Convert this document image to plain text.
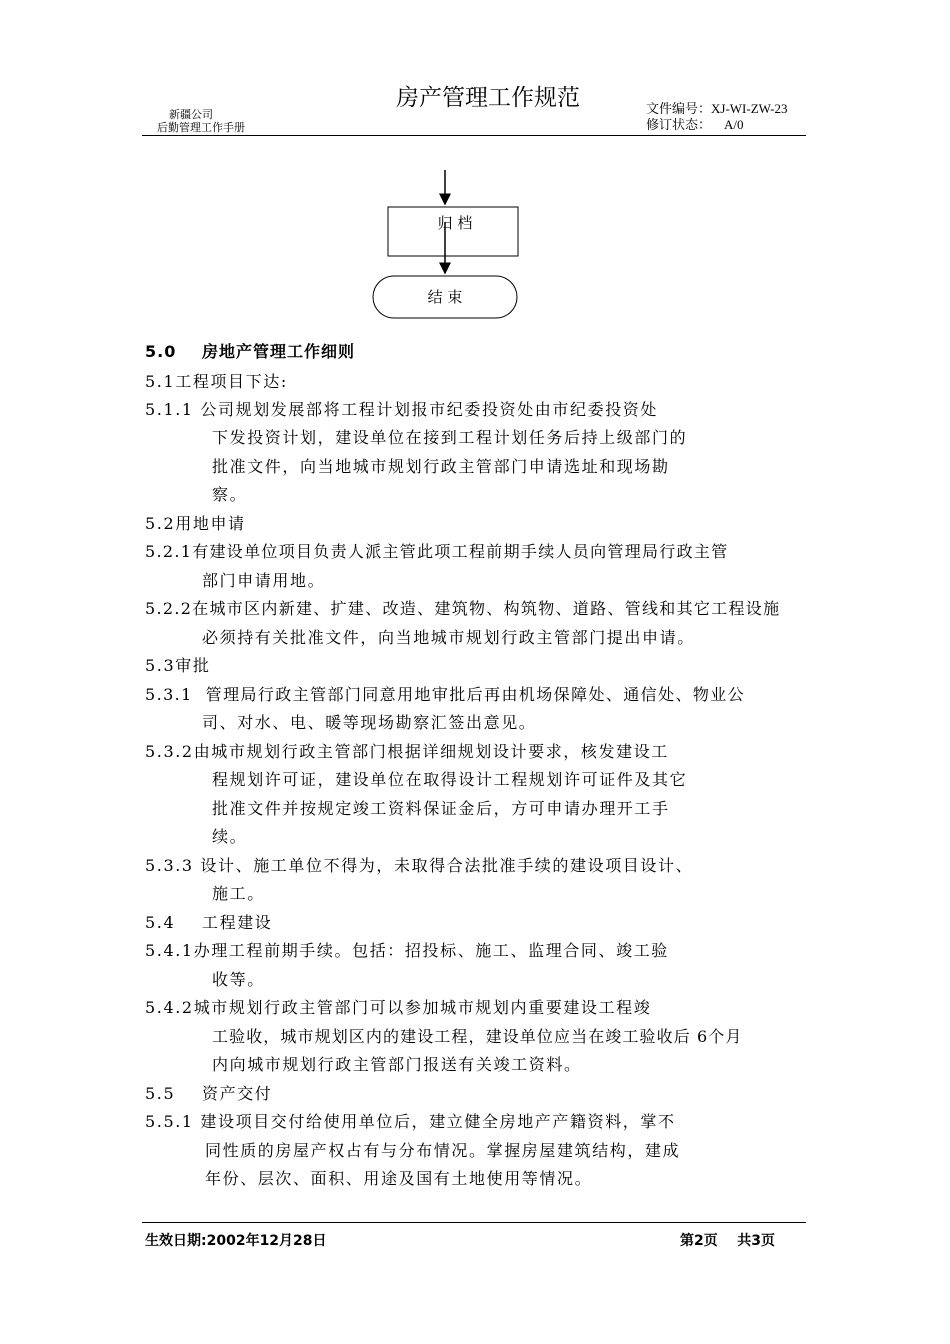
新疆公司
后勤管理工作手册
房产管理工作规范	文件编号：XJ-WI-ZW-23
修订状态：    A/0
归 档
结 束
5.0 房地产管理工作细则
5.1工程项目下达:
5.1.1 公司规划发展部将工程计划报市纪委投资处由市纪委投资处
下发投资计划，建设单位在接到工程计划任务后持上级部门的
批准文件，向当地城市规划行政主管部门申请选址和现场勘
察。
5.2用地申请
5.2.1有建设单位项目负责人派主管此项工程前期手续人员向管理局行政主管
部门申请用地。
5.2.2在城市区内新建、扩建、改造、建筑物、构筑物、道路、管线和其它工程设施
必须持有关批准文件，向当地城市规划行政主管部门提出申请。
5.3审批
5.3.1  管理局行政主管部门同意用地审批后再由机场保障处、通信处、物业公
司、对水、电、暖等现场勘察汇签出意见。
5.3.2由城市规划行政主管部门根据详细规划设计要求，核发建设工
程规划许可证，建设单位在取得设计工程规划许可证件及其它
批准文件并按规定竣工资料保证金后，方可申请办理开工手
续。
5.3.3 设计、施工单位不得为，未取得合法批准手续的建设项目设计、
施工。
5.4    工程建设
5.4.1办理工程前期手续。包括：招投标、施工、监理合同、竣工验
收等。
5.4.2城市规划行政主管部门可以参加城市规划内重要建设工程竣
工验收，城市规划区内的建设工程，建设单位应当在竣工验收后 6个月
内向城市规划行政主管部门报送有关竣工资料。
5.5    资产交付
5.5.1 建设项目交付给使用单位后，建立健全房地产产籍资料，掌不
同性质的房屋产权占有与分布情况。掌握房屋建筑结构，建成
年份、层次、面积、用途及国有土地使用等情况。
生效日期:2002年12月28日	第2页    共3页
